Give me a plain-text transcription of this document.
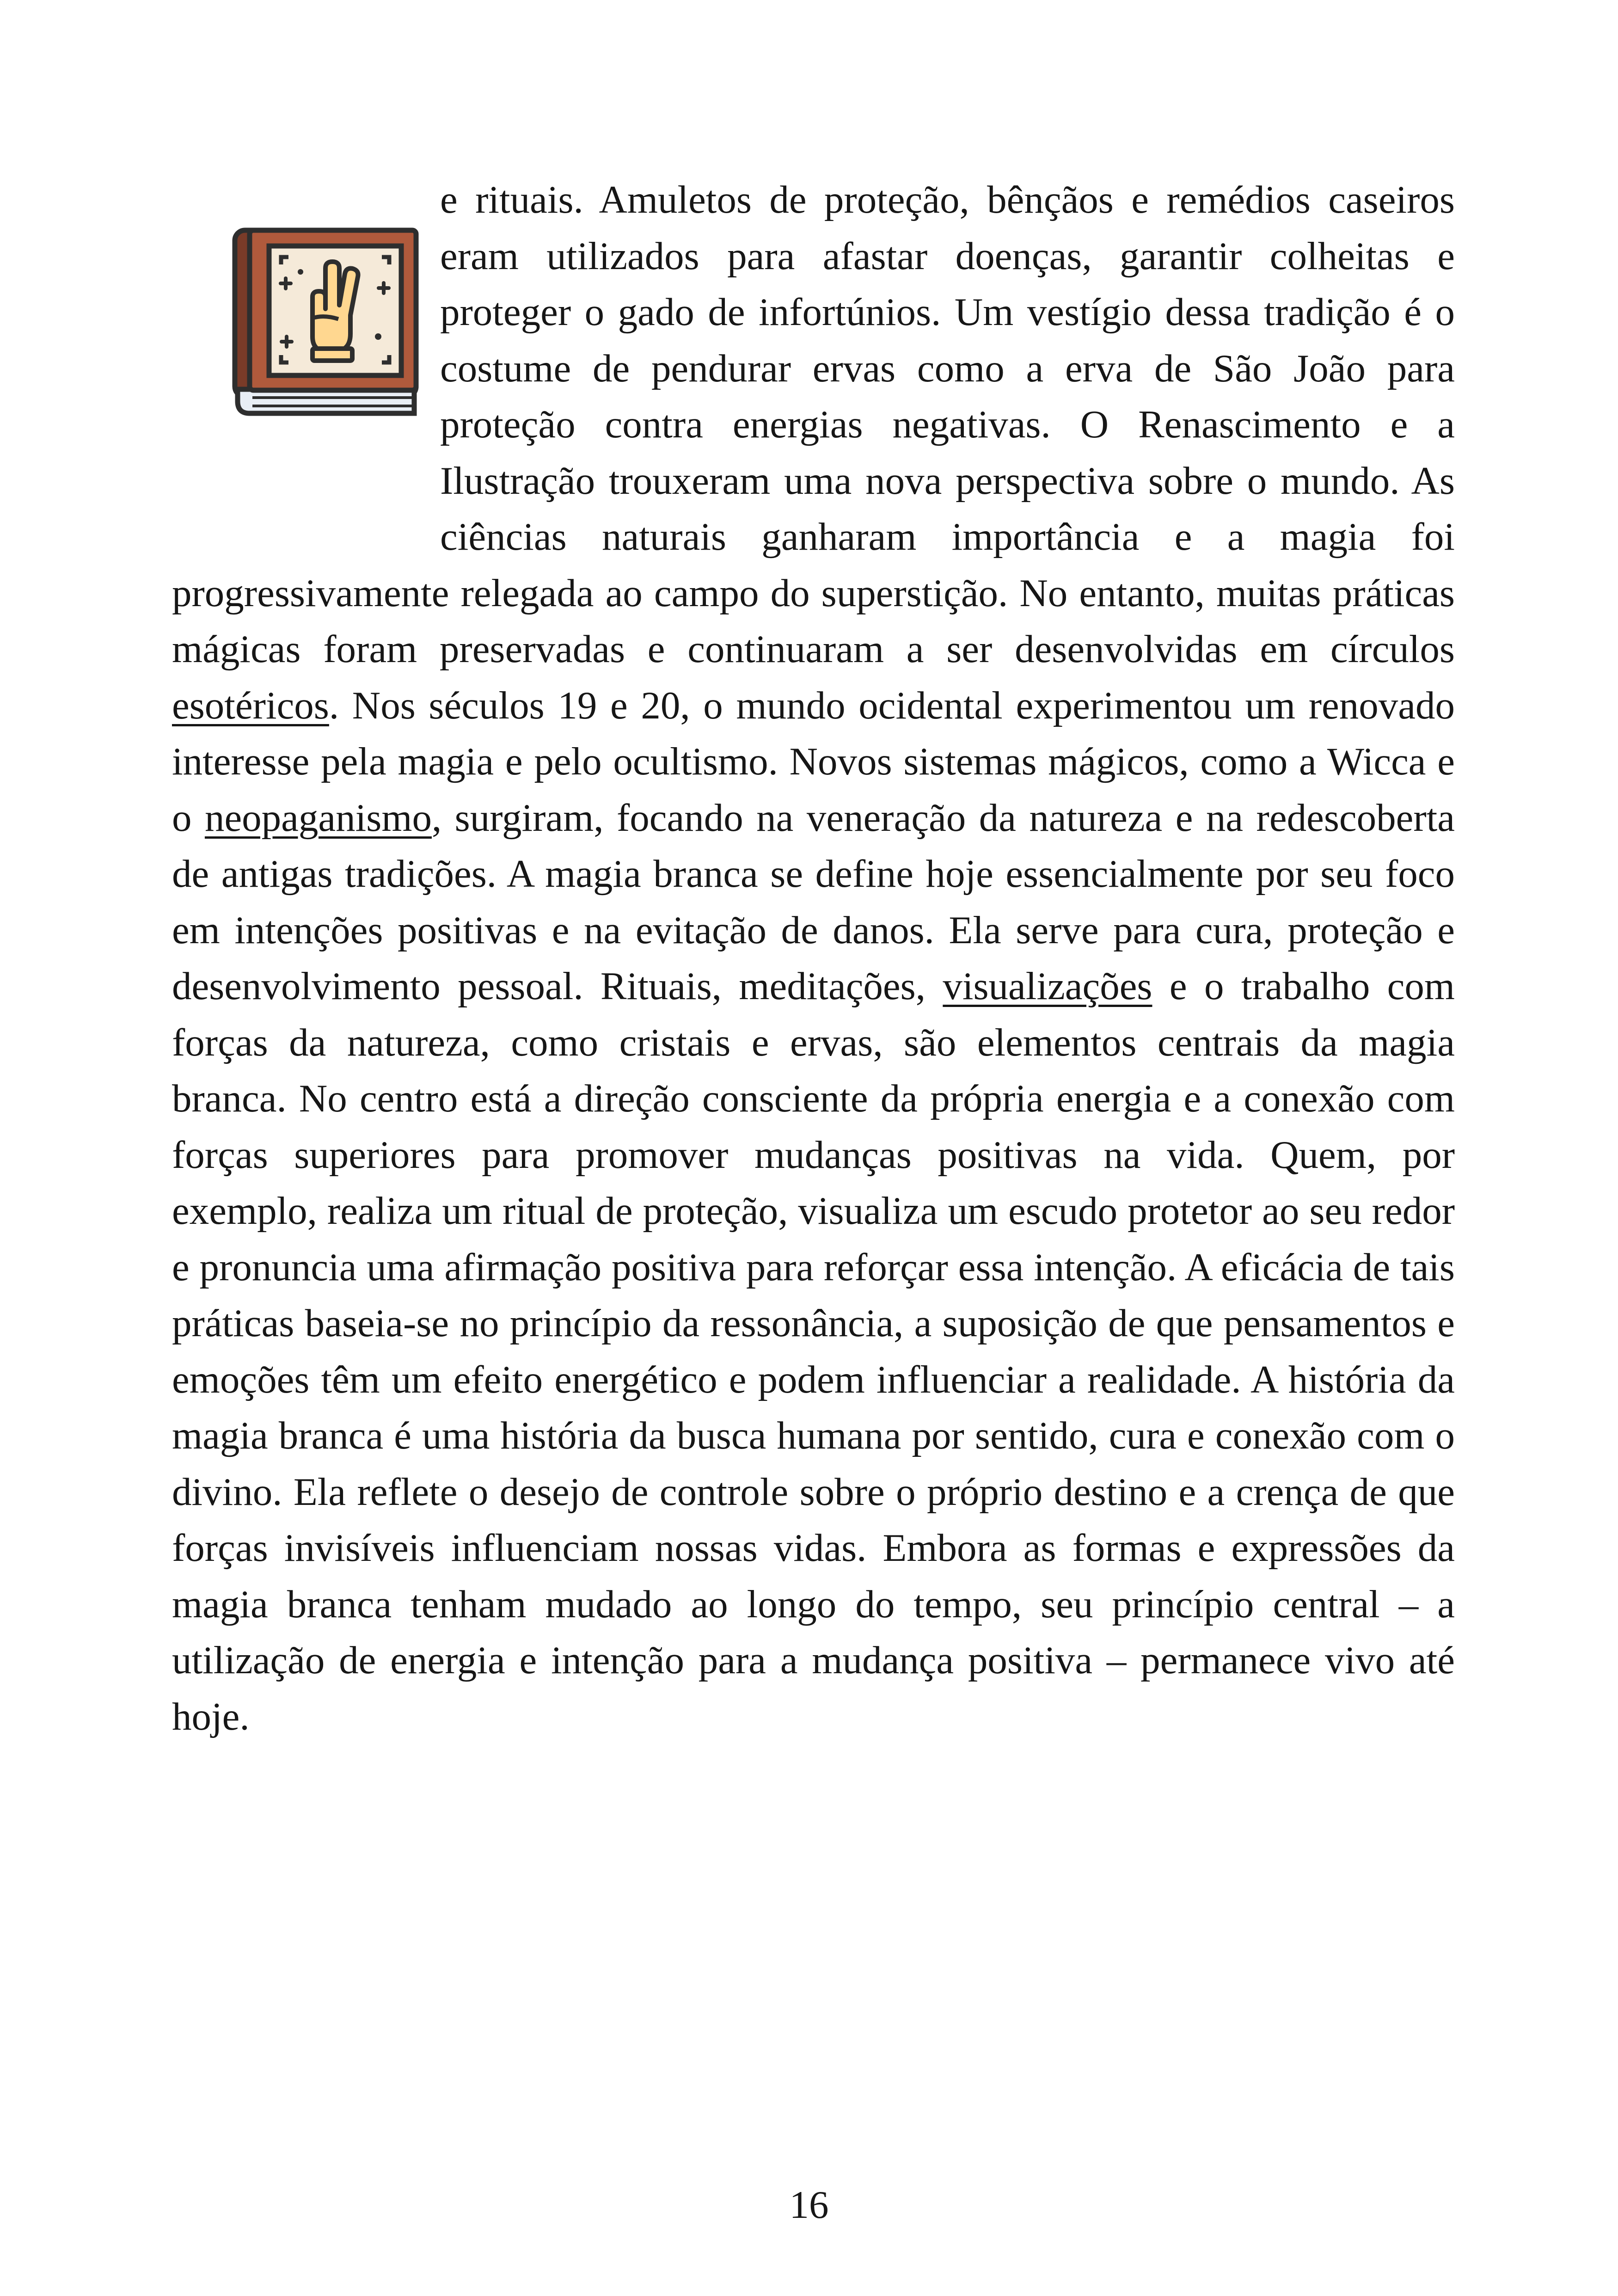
e rituais. Amuletos de proteção, bênçãos e remédios caseiros eram utilizados para afastar doenças, garantir colheitas e proteger o gado de infortúnios. Um vestígio dessa tradição é o costume de pendurar ervas como a erva de São João para proteção contra energias negativas. O Renascimento e a Ilustração trouxeram uma nova perspectiva sobre o mundo. As ciências naturais ganharam importância e a magia foi progressivamente relegada ao campo do superstição. No entanto, muitas práticas mágicas foram preservadas e continuaram a ser desenvolvidas em círculos esotéricos. Nos séculos 19 e 20, o mundo ocidental experimentou um renovado interesse pela magia e pelo ocultismo. Novos sistemas mágicos, como a Wicca e o neopaganismo, surgiram, focando na veneração da natureza e na redescoberta de antigas tradições. A magia branca se define hoje essencialmente por seu foco em intenções positivas e na evitação de danos. Ela serve para cura, proteção e desenvolvimento pessoal. Rituais, meditações, visualizações e o trabalho com forças da natureza, como cristais e ervas, são elementos centrais da magia branca. No centro está a direção consciente da própria energia e a conexão com forças superiores para promover mudanças positivas na vida. Quem, por exemplo, realiza um ritual de proteção, visualiza um escudo protetor ao seu redor e pronuncia uma afirmação positiva para reforçar essa intenção. A eficácia de tais práticas baseia-se no princípio da ressonância, a suposição de que pensamentos e emoções têm um efeito energético e podem influenciar a realidade. A história da magia branca é uma história da busca humana por sentido, cura e conexão com o divino. Ela reflete o desejo de controle sobre o próprio destino e a crença de que forças invisíveis influenciam nossas vidas. Embora as formas e expressões da magia branca tenham mudado ao longo do tempo, seu princípio central – a utilização de energia e intenção para a mudança positiva – permanece vivo até hoje.
16
